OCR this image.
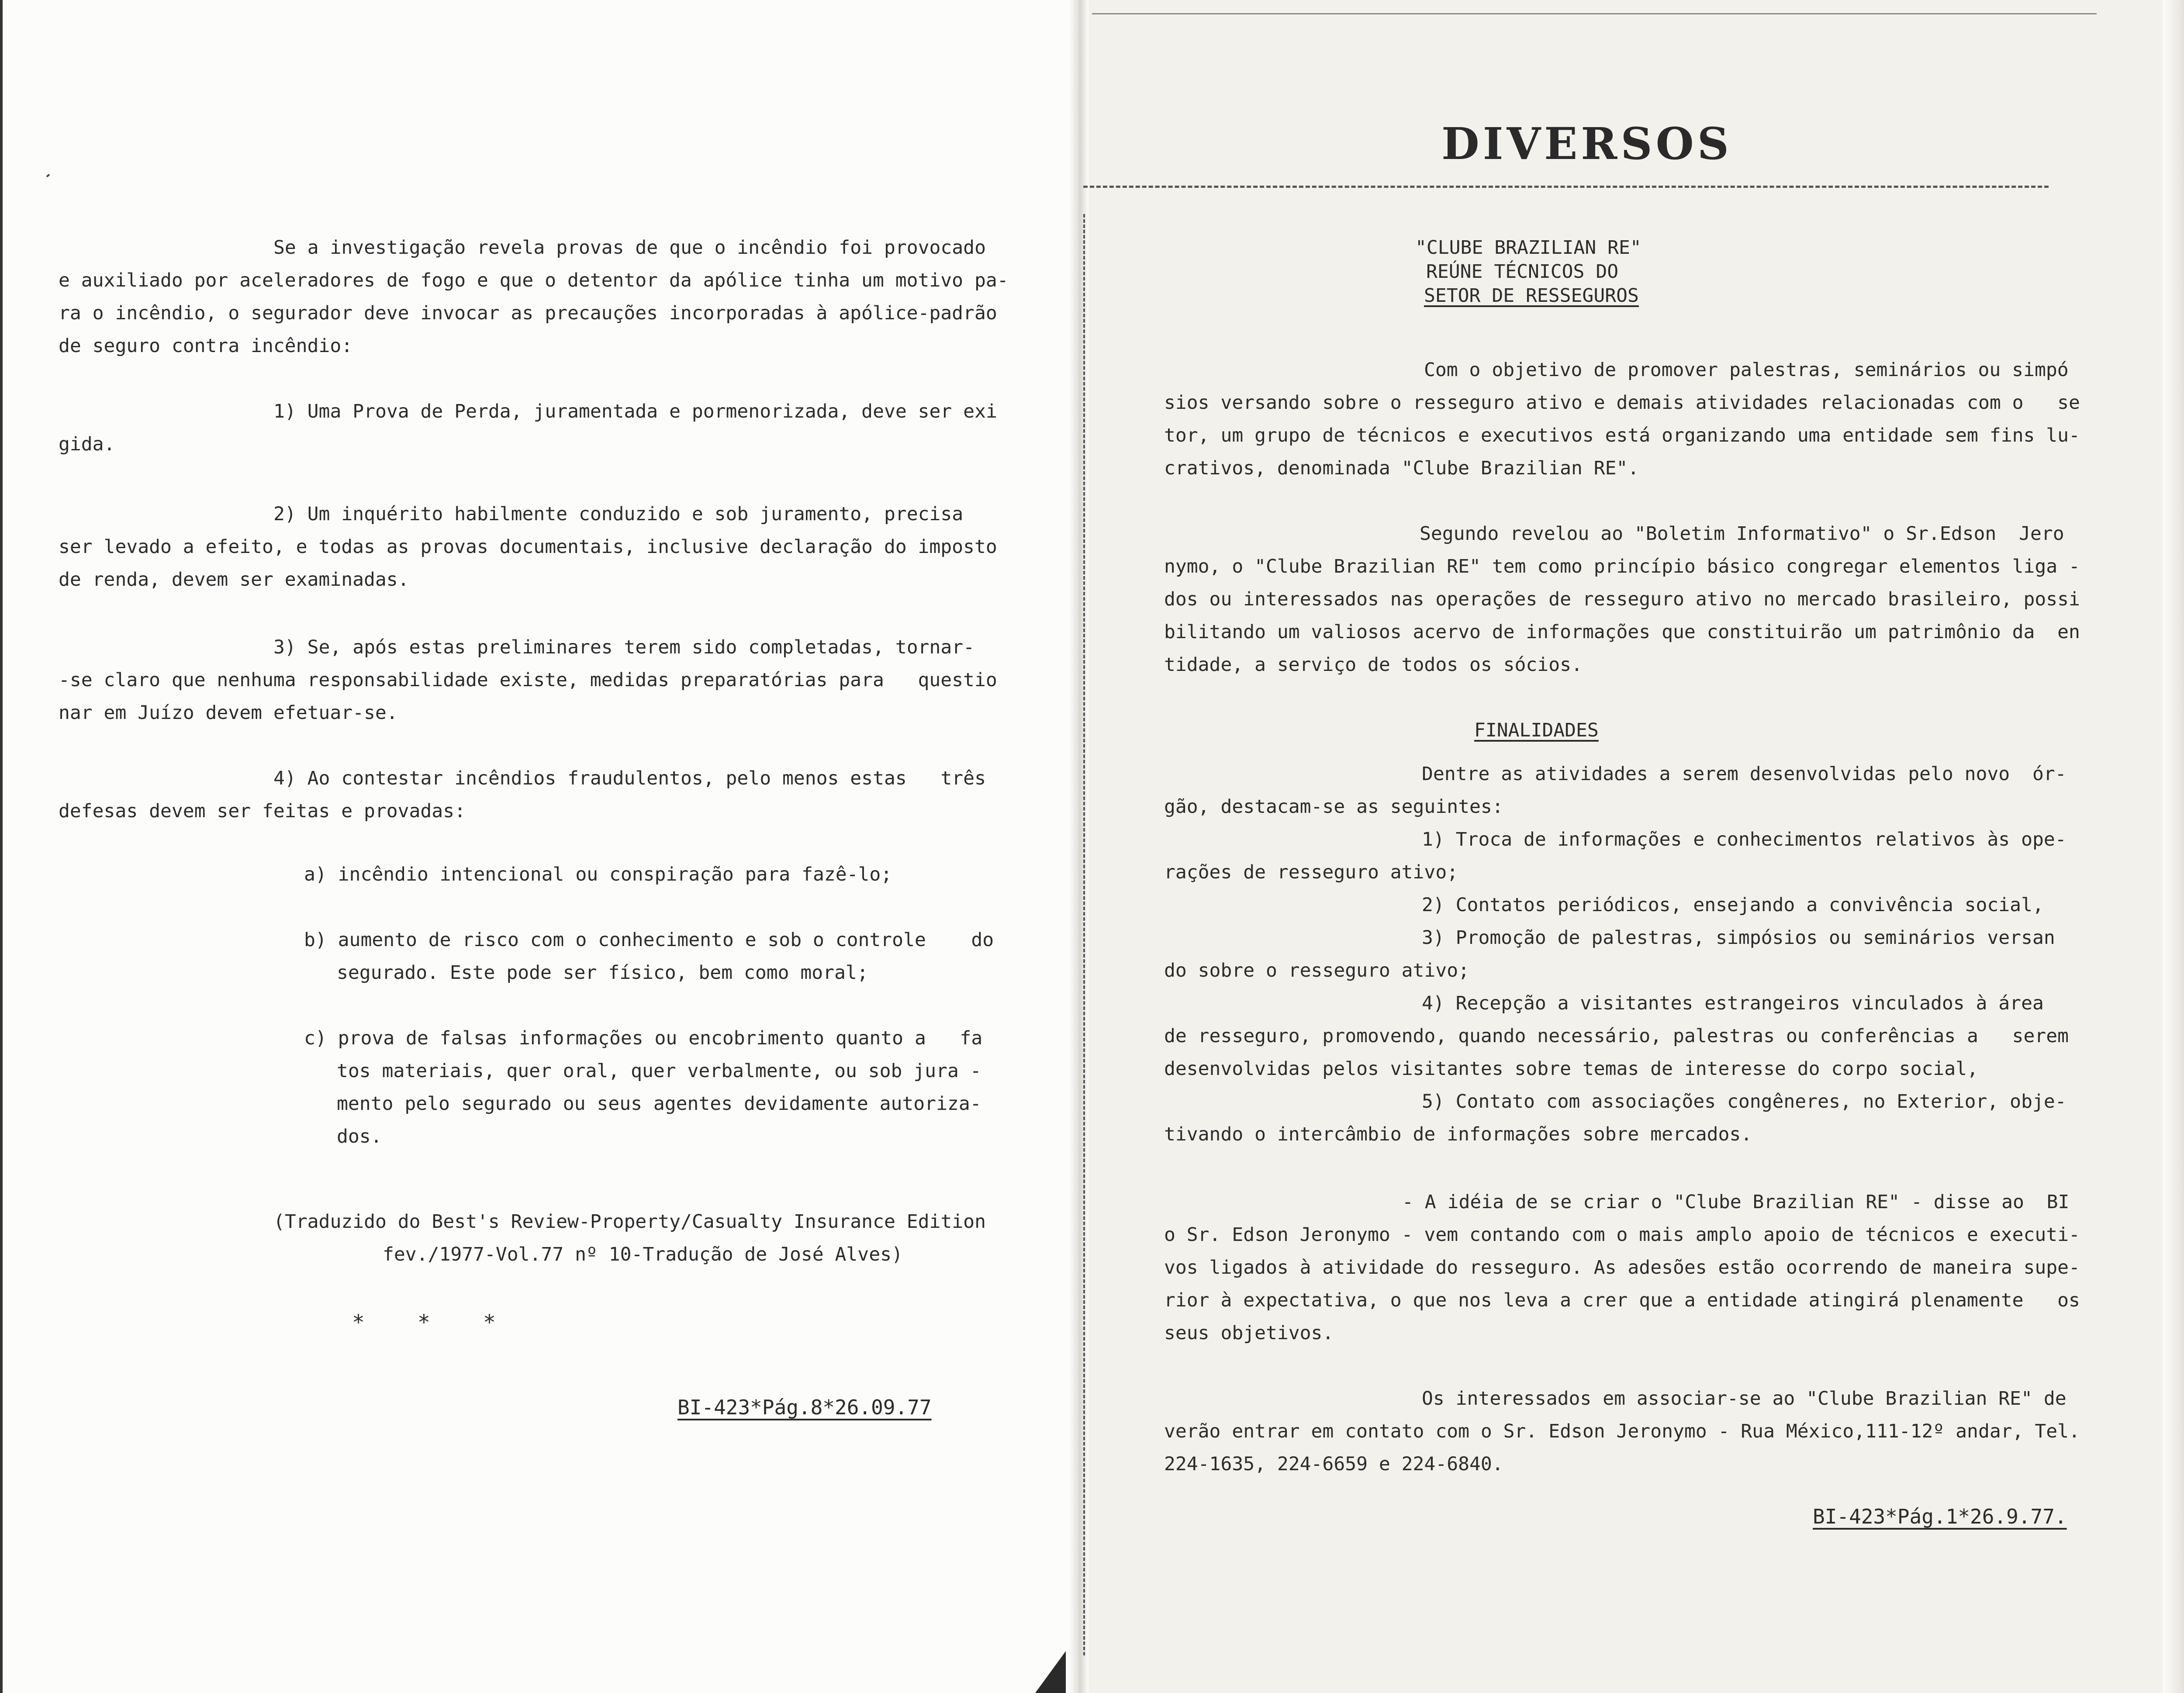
Se a investigação revela provas de que o incêndio foi provocado
e auxiliado por aceleradores de fogo e que o detentor da apólice tinha um motivo pa-
ra o incêndio, o segurador deve invocar as precauções incorporadas à apólice-padrão
de seguro contra incêndio:
1) Uma Prova de Perda, juramentada e pormenorizada, deve ser exi
gida.
2) Um inquérito habilmente conduzido e sob juramento, precisa
ser levado a efeito, e todas as provas documentais, inclusive declaração do imposto
de renda, devem ser examinadas.
3) Se, após estas preliminares terem sido completadas, tornar-
-se claro que nenhuma responsabilidade existe, medidas preparatórias para   questio
nar em Juízo devem efetuar-se.
4) Ao contestar incêndios fraudulentos, pelo menos estas   três
defesas devem ser feitas e provadas:
a) incêndio intencional ou conspiração para fazê-lo;
b) aumento de risco com o conhecimento e sob o controle    do
segurado. Este pode ser físico, bem como moral;
c) prova de falsas informações ou encobrimento quanto a   fa
tos materiais, quer oral, quer verbalmente, ou sob jura -
mento pelo segurado ou seus agentes devidamente autoriza-
dos.
(Traduzido do Best's Review-Property/Casualty Insurance Edition
fev./1977-Vol.77 nº 10-Tradução de José Alves)
*	*	*
BI-423*Pág.8*26.09.77
DIVERSOS
"CLUBE BRAZILIAN RE"
REÚNE TÉCNICOS DO
SETOR DE RESSEGUROS
Com o objetivo de promover palestras, seminários ou simpó
sios versando sobre o resseguro ativo e demais atividades relacionadas com o   se
tor, um grupo de técnicos e executivos está organizando uma entidade sem fins lu-
crativos, denominada "Clube Brazilian RE".
Segundo revelou ao "Boletim Informativo" o Sr.Edson  Jero
nymo, o "Clube Brazilian RE" tem como princípio básico congregar elementos liga -
dos ou interessados nas operações de resseguro ativo no mercado brasileiro, possi
bilitando um valiosos acervo de informações que constituirão um patrimônio da  en
tidade, a serviço de todos os sócios.
FINALIDADES
Dentre as atividades a serem desenvolvidas pelo novo  ór-
gão, destacam-se as seguintes:
1) Troca de informações e conhecimentos relativos às ope-
rações de resseguro ativo;
2) Contatos periódicos, ensejando a convivência social,
3) Promoção de palestras, simpósios ou seminários versan
do sobre o resseguro ativo;
4) Recepção a visitantes estrangeiros vinculados à área
de resseguro, promovendo, quando necessário, palestras ou conferências a   serem
desenvolvidas pelos visitantes sobre temas de interesse do corpo social,
5) Contato com associações congêneres, no Exterior, obje-
tivando o intercâmbio de informações sobre mercados.
- A idéia de se criar o "Clube Brazilian RE" - disse ao  BI
o Sr. Edson Jeronymo - vem contando com o mais amplo apoio de técnicos e executi-
vos ligados à atividade do resseguro. As adesões estão ocorrendo de maneira supe-
rior à expectativa, o que nos leva a crer que a entidade atingirá plenamente   os
seus objetivos.
Os interessados em associar-se ao "Clube Brazilian RE" de
verão entrar em contato com o Sr. Edson Jeronymo - Rua México,111-12º andar, Tel.
224-1635, 224-6659 e 224-6840.
BI-423*Pág.1*26.9.77.
